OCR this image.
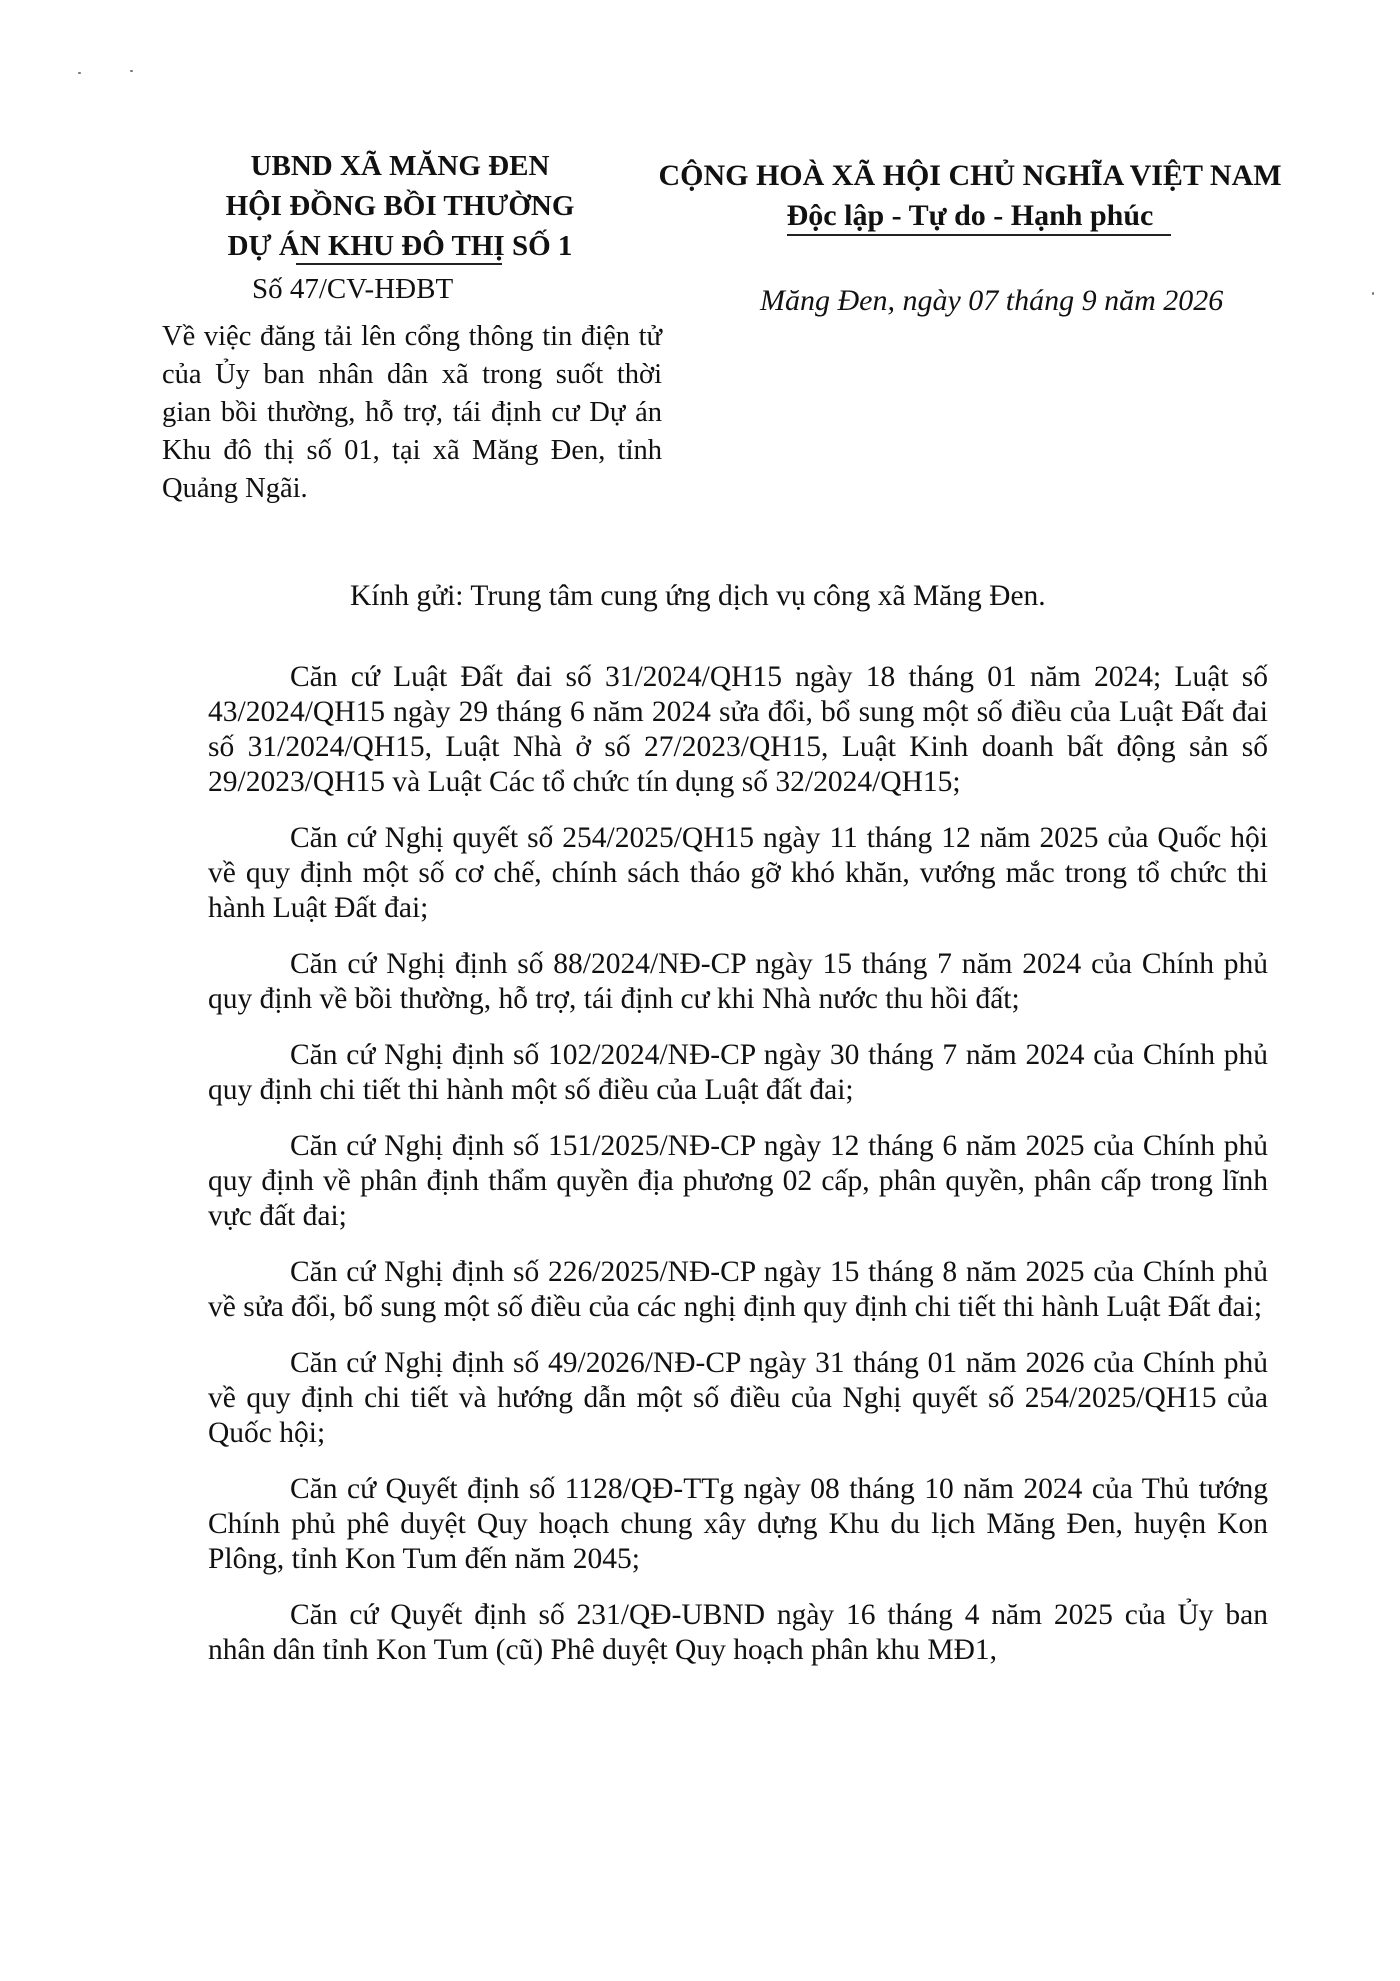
UBND XÃ MĂNG ĐEN
HỘI ĐỒNG BỒI THƯỜNG
DỰ ÁN KHU ĐÔ THỊ SỐ 1
CỘNG HOÀ XÃ HỘI CHỦ NGHĨA VIỆT NAM
Độc lập - Tự do - Hạnh phúc
Số 47/CV-HĐBT	Măng Đen, ngày 07 tháng 9 năm 2026
Về việc đăng tải lên cổng thông tin điện tử của Ủy ban nhân dân xã trong suốt thời gian bồi thường, hỗ trợ, tái định cư Dự án Khu đô thị số 01, tại xã Măng Đen, tỉnh Quảng Ngãi.
Kính gửi: Trung tâm cung ứng dịch vụ công xã Măng Đen.

Căn cứ Luật Đất đai số 31/2024/QH15 ngày 18 tháng 01 năm 2024; Luật số 43/2024/QH15 ngày 29 tháng 6 năm 2024 sửa đổi, bổ sung một số điều của Luật Đất đai số 31/2024/QH15, Luật Nhà ở số 27/2023/QH15, Luật Kinh doanh bất động sản số 29/2023/QH15 và Luật Các tổ chức tín dụng số 32/2024/QH15;

Căn cứ Nghị quyết số 254/2025/QH15 ngày 11 tháng 12 năm 2025 của Quốc hội về quy định một số cơ chế, chính sách tháo gỡ khó khăn, vướng mắc trong tổ chức thi hành Luật Đất đai;

Căn cứ Nghị định số 88/2024/NĐ-CP ngày 15 tháng 7 năm 2024 của Chính phủ quy định về bồi thường, hỗ trợ, tái định cư khi Nhà nước thu hồi đất;

Căn cứ Nghị định số 102/2024/NĐ-CP ngày 30 tháng 7 năm 2024 của Chính phủ quy định chi tiết thi hành một số điều của Luật đất đai;

Căn cứ Nghị định số 151/2025/NĐ-CP ngày 12 tháng 6 năm 2025 của Chính phủ quy định về phân định thẩm quyền địa phương 02 cấp, phân quyền, phân cấp trong lĩnh vực đất đai;

Căn cứ Nghị định số 226/2025/NĐ-CP ngày 15 tháng 8 năm 2025 của Chính phủ về sửa đổi, bổ sung một số điều của các nghị định quy định chi tiết thi hành Luật Đất đai;

Căn cứ Nghị định số 49/2026/NĐ-CP ngày 31 tháng 01 năm 2026 của Chính phủ về quy định chi tiết và hướng dẫn một số điều của Nghị quyết số 254/2025/QH15 của Quốc hội;

Căn cứ Quyết định số 1128/QĐ-TTg ngày 08 tháng 10 năm 2024 của Thủ tướng Chính phủ phê duyệt Quy hoạch chung xây dựng Khu du lịch Măng Đen, huyện Kon Plông, tỉnh Kon Tum đến năm 2045;

Căn cứ Quyết định số 231/QĐ-UBND ngày 16 tháng 4 năm 2025 của Ủy ban nhân dân tỉnh Kon Tum (cũ) Phê duyệt Quy hoạch phân khu MĐ1,
